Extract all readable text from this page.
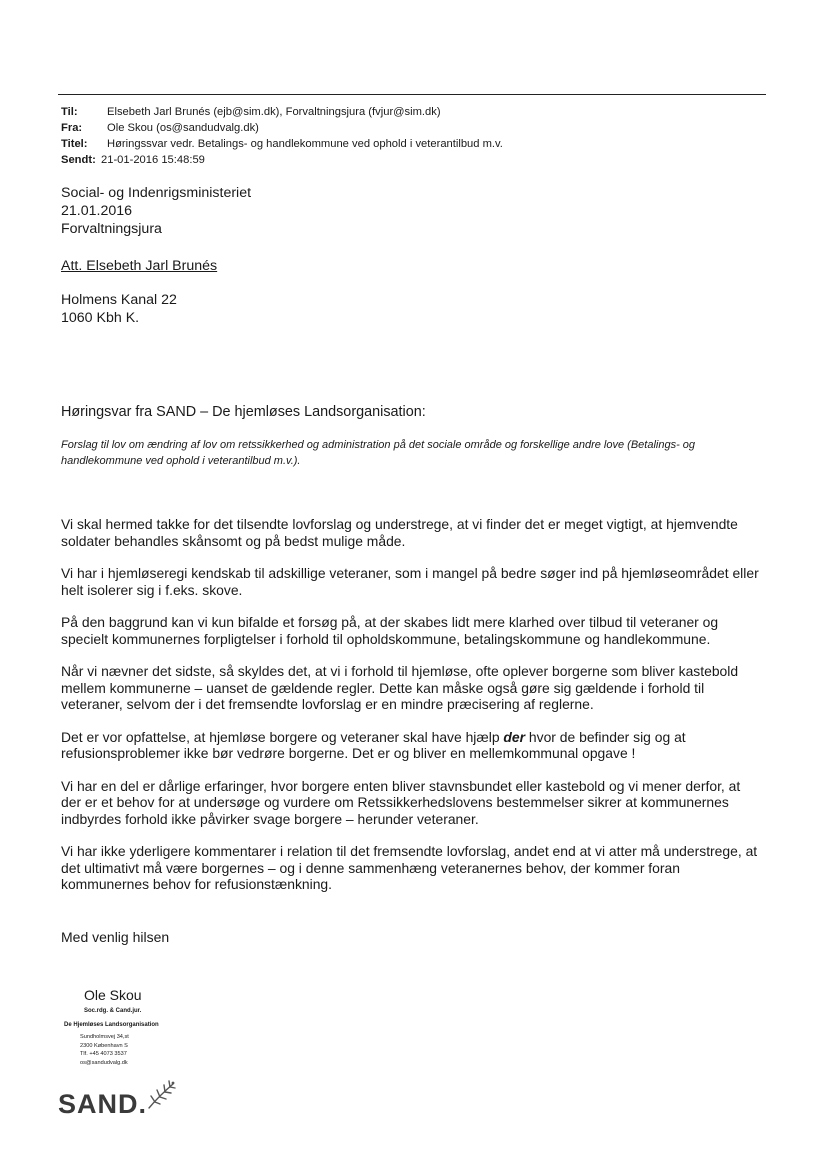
Til:	Elsebeth Jarl Brunés (ejb@sim.dk), Forvaltningsjura (fvjur@sim.dk)
Fra:	Ole Skou (os@sandudvalg.dk)
Titel:	Høringssvar vedr. Betalings- og handlekommune ved ophold i veterantilbud m.v.
Sendt: 21-01-2016 15:48:59
Social- og Indenrigsministeriet
21.01.2016
Forvaltningsjura
Att. Elsebeth Jarl Brunés
Holmens Kanal 22
1060 Kbh K.
Høringsvar fra SAND – De hjemløses Landsorganisation:
Forslag til lov om ændring af lov om retssikkerhed og administration på det sociale område og forskellige andre love (Betalings- og handlekommune ved ophold i veterantilbud m.v.).

Vi skal hermed takke for det tilsendte lovforslag og understrege, at vi finder det er meget vigtigt, at hjemvendte soldater behandles skånsomt og på bedst mulige måde.

Vi har i hjemløseregi kendskab til adskillige veteraner, som i mangel på bedre søger ind på hjemløseområdet eller helt isolerer sig i f.eks. skove.

På den baggrund kan vi kun bifalde et forsøg på, at der skabes lidt mere klarhed over tilbud til veteraner og specielt kommunernes forpligtelser i forhold til opholdskommune, betalingskommune og handlekommune.

Når vi nævner det sidste, så skyldes det, at vi i forhold til hjemløse, ofte oplever borgerne som bliver kastebold mellem kommunerne – uanset de gældende regler. Dette kan måske også gøre sig gældende i forhold til veteraner, selvom der i det fremsendte lovforslag er en mindre præcisering af reglerne.

Det er vor opfattelse, at hjemløse borgere og veteraner skal have hjælp der hvor de befinder sig og at refusionsproblemer ikke bør vedrøre borgerne. Det er og bliver en mellemkommunal opgave !

Vi har en del er dårlige erfaringer, hvor borgere enten bliver stavnsbundet eller kastebold og vi mener derfor, at der er et behov for at undersøge og vurdere om Retssikkerhedslovens bestemmelser sikrer at kommunernes indbyrdes forhold ikke påvirker svage borgere – herunder veteraner.

Vi har ikke yderligere kommentarer i relation til det fremsendte lovforslag, andet end at vi atter må understrege, at det ultimativt må være borgernes – og i denne sammenhæng veteranernes behov, der kommer foran kommunernes behov for refusionstænkning.

Med venlig hilsen
Ole Skou
Soc.rdg. & Cand.jur.
De Hjemløses Landsorganisation
Sundholmsvej 34,st
2300 København S
Tlf. +45 4073 3537
os@sandudvalg.dk
SAND.
